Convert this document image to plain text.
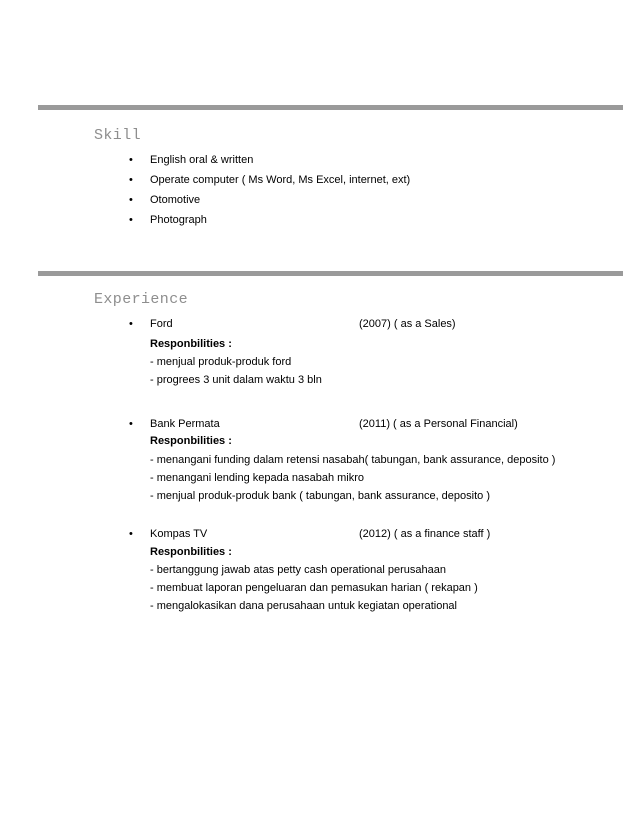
Skill
• English oral & written
• Operate computer ( Ms Word, Ms Excel, internet, ext)
• Otomotive
• Photograph
Experience
• Ford	(2007) ( as a Sales)
Responbilities :
- menjual produk-produk ford
- progrees 3 unit dalam waktu 3 bln
• Bank Permata	(2011) ( as a Personal Financial)
Responbilities :
- menangani funding dalam retensi nasabah( tabungan, bank assurance, deposito )
- menangani lending kepada nasabah mikro
- menjual produk-produk bank ( tabungan, bank assurance, deposito )
• Kompas TV	(2012) ( as a finance staff )
Responbilities :
- bertanggung jawab atas petty cash operational perusahaan
- membuat laporan pengeluaran dan pemasukan harian ( rekapan )
- mengalokasikan dana perusahaan untuk kegiatan operational
